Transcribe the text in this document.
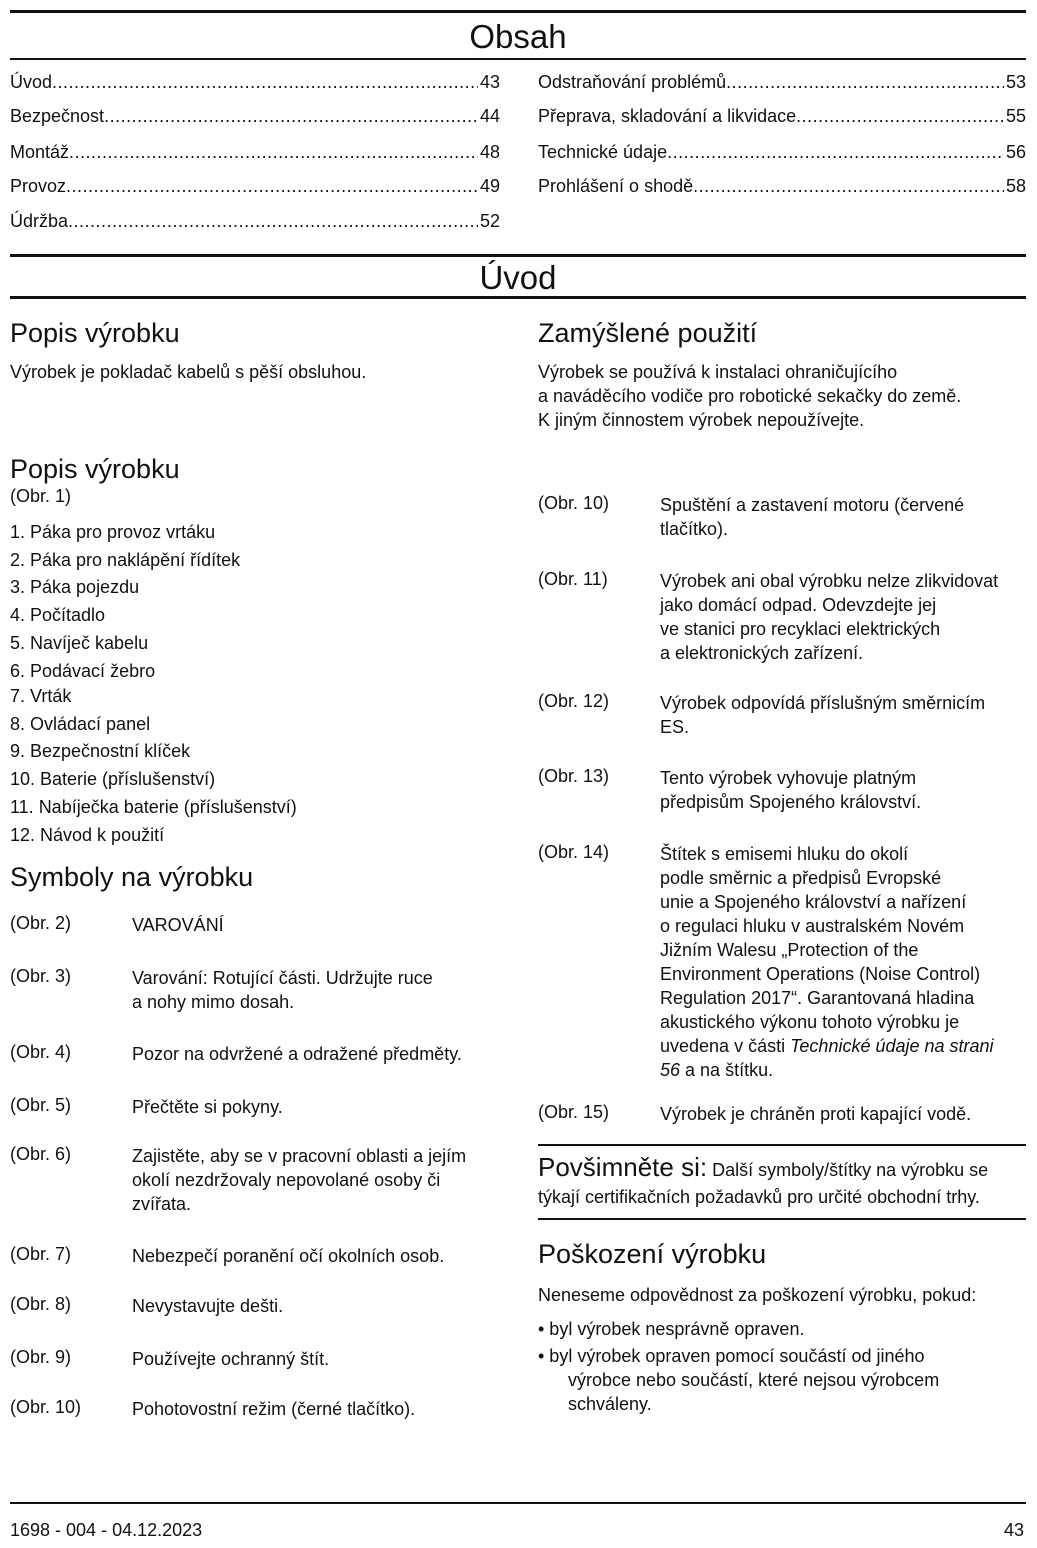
Obsah
Úvod .....	43
Bezpečnost .....	44
Montáž .....	48
Provoz .....	49
Údržba .....	52
Odstraňování problémů .....	53
Přeprava, skladování a likvidace .....	55
Technické údaje .....	56
Prohlášení o shodě .....	58
Úvod
Popis výrobku
Výrobek je pokladač kabelů s pěší obsluhou.
Zamýšlené použití
Výrobek se používá k instalaci ohraničujícího
a naváděcího vodiče pro robotické sekačky do země.
K jiným činnostem výrobek nepoužívejte.
Popis výrobku
(Obr. 1)
1. Páka pro provoz vrtáku
2. Páka pro naklápění řídítek
3. Páka pojezdu
4. Počítadlo
5. Navíječ kabelu
6. Podávací žebro
7. Vrták
8. Ovládací panel
9. Bezpečnostní klíček
10. Baterie (příslušenství)
11. Nabíječka baterie (příslušenství)
12. Návod k použití
Symboly na výrobku
(Obr. 2)	VAROVÁNÍ
(Obr. 3)	Varování: Rotující části. Udržujte ruce
a nohy mimo dosah.
(Obr. 4)	Pozor na odvržené a odražené předměty.
(Obr. 5)	Přečtěte si pokyny.
(Obr. 6)	Zajistěte, aby se v pracovní oblasti a jejím
okolí nezdržovaly nepovolané osoby či
zvířata.
(Obr. 7)	Nebezpečí poranění očí okolních osob.
(Obr. 8)	Nevystavujte dešti.
(Obr. 9)	Používejte ochranný štít.
(Obr. 10)	Pohotovostní režim (černé tlačítko).
(Obr. 10)	Spuštění a zastavení motoru (červené
tlačítko).
(Obr. 11)	Výrobek ani obal výrobku nelze zlikvidovat
jako domácí odpad. Odevzdejte jej
ve stanici pro recyklaci elektrických
a elektronických zařízení.
(Obr. 12)	Výrobek odpovídá příslušným směrnicím
ES.
(Obr. 13)	Tento výrobek vyhovuje platným
předpisům Spojeného království.
(Obr. 14)	Štítek s emisemi hluku do okolí
podle směrnic a předpisů Evropské
unie a Spojeného království a nařízení
o regulaci hluku v australském Novém
Jižním Walesu „Protection of the
Environment Operations (Noise Control)
Regulation 2017“. Garantovaná hladina
akustického výkonu tohoto výrobku je
uvedena v části Technické údaje na strani
56 a na štítku.
(Obr. 15)	Výrobek je chráněn proti kapající vodě.
Povšimněte si: Další symboly/štítky na výrobku se
týkají certifikačních požadavků pro určité obchodní trhy.
Poškození výrobku
Neneseme odpovědnost za poškození výrobku, pokud:
• byl výrobek nesprávně opraven.
• byl výrobek opraven pomocí součástí od jiného
výrobce nebo součástí, které nejsou výrobcem
schváleny.
1698 - 004 - 04.12.2023	43
